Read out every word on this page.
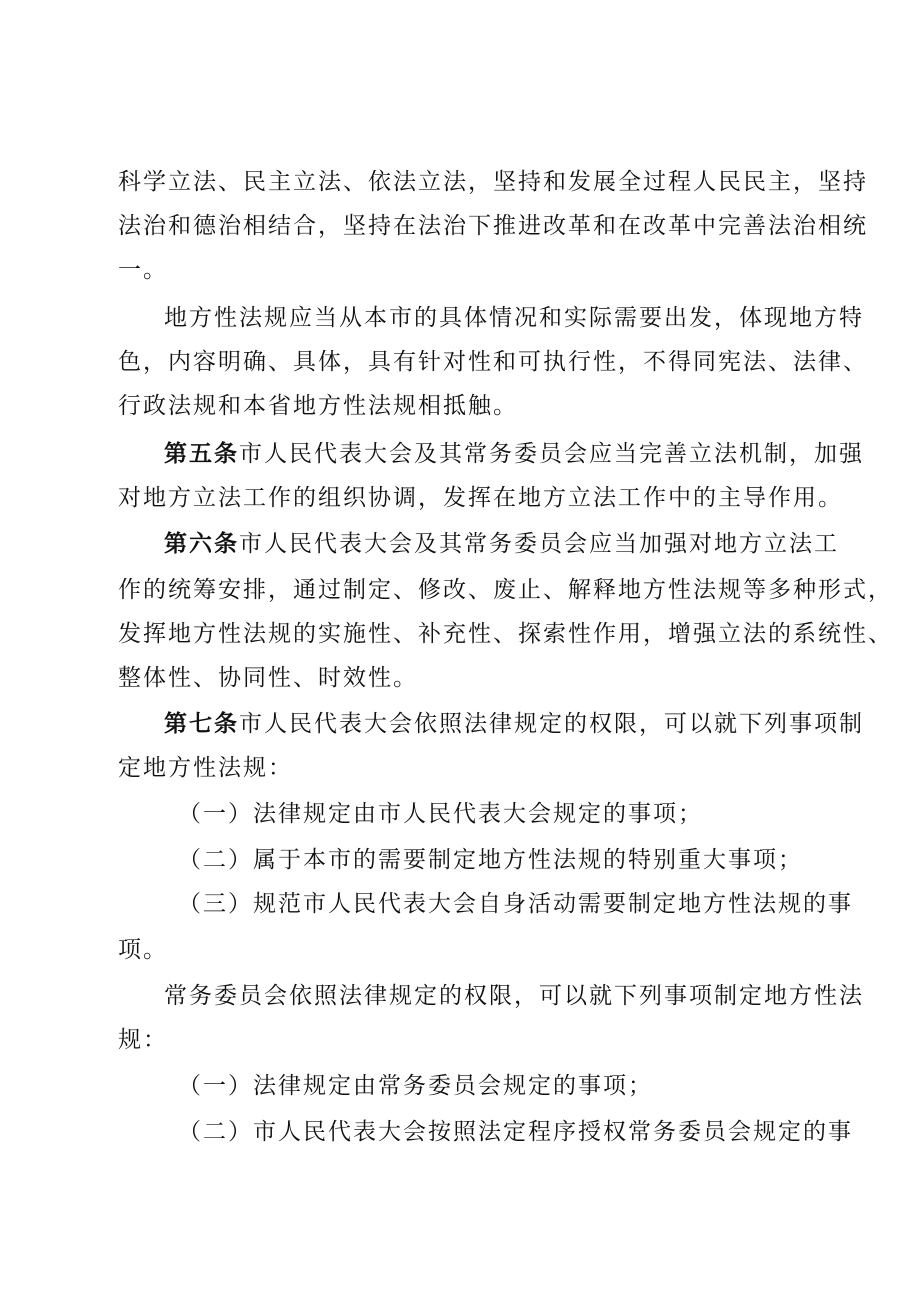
科学立法、民主立法、依法立法，坚持和发展全过程人民民主，坚持
法治和德治相结合，坚持在法治下推进改革和在改革中完善法治相统
一。
地方性法规应当从本市的具体情况和实际需要出发，体现地方特
色，内容明确、具体，具有针对性和可执行性，不得同宪法、法律、
行政法规和本省地方性法规相抵触。
第五条市人民代表大会及其常务委员会应当完善立法机制，加强
对地方立法工作的组织协调，发挥在地方立法工作中的主导作用。
第六条市人民代表大会及其常务委员会应当加强对地方立法工
作的统筹安排，通过制定、修改、废止、解释地方性法规等多种形式，
发挥地方性法规的实施性、补充性、探索性作用，增强立法的系统性、
整体性、协同性、时效性。
第七条市人民代表大会依照法律规定的权限，可以就下列事项制
定地方性法规：
（一）法律规定由市人民代表大会规定的事项；
（二）属于本市的需要制定地方性法规的特别重大事项；
（三）规范市人民代表大会自身活动需要制定地方性法规的事
项。
常务委员会依照法律规定的权限，可以就下列事项制定地方性法
规：
（一）法律规定由常务委员会规定的事项；
（二）市人民代表大会按照法定程序授权常务委员会规定的事
